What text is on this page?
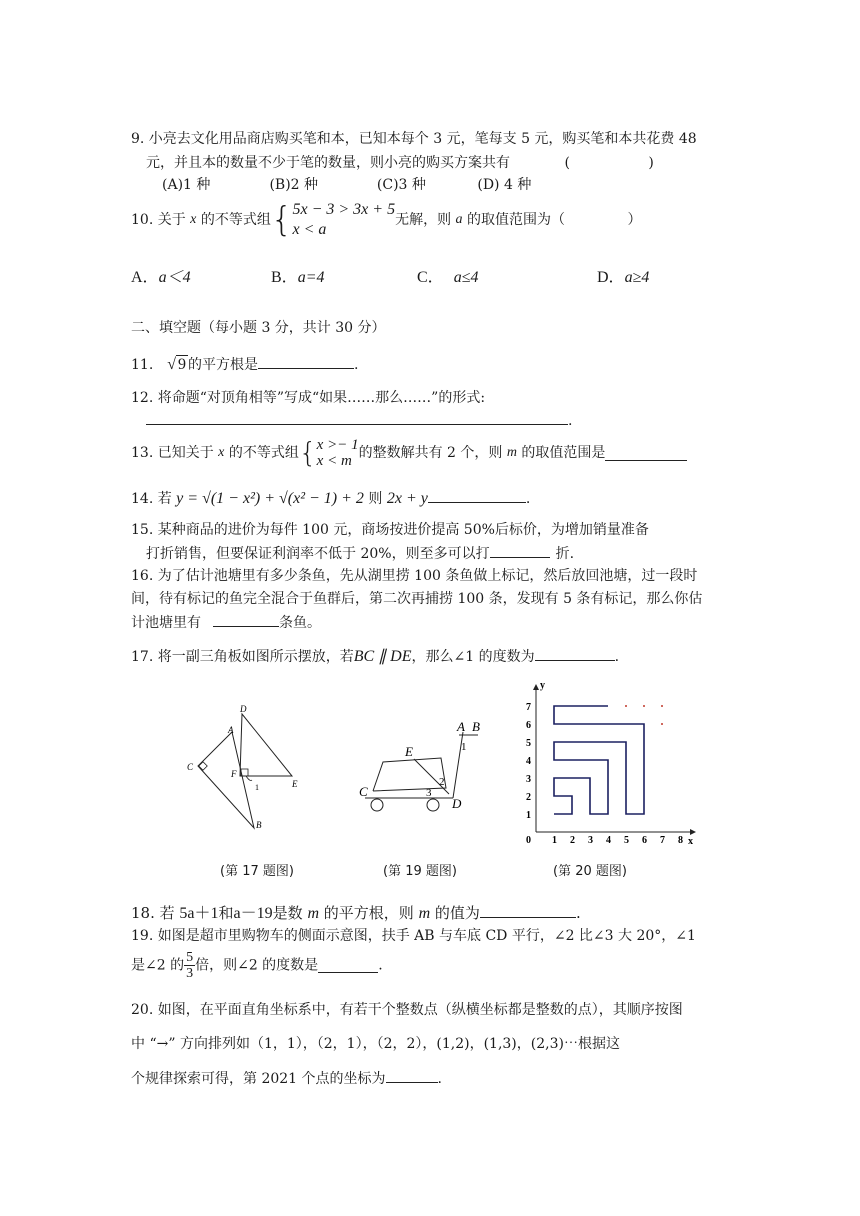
9. 小亮去文化用品商店购买笔和本，已知本每个 3 元，笔每支 5 元，购买笔和本共花费 48
元，并且本的数量不少于笔的数量，则小亮的购买方案共有	(	)
(A)1 种	(B)2 种	(C)3 种	(D) 4 种
10. 关于 x 的不等式组{ 5x − 3 > 3x + 5
x < a
无解，则 a 的取值范围为（	）
A．a＜4	B．a=4	C． a≤4	D．a≥4
二、填空题（每小题 3 分，共计 30 分）
11. √ 9 的平方根是	.
12. 将命题“对顶角相等”写成“如果……那么……”的形式:
.
13. 已知关于 x 的不等式组{ x >− 1
x < m 的整数解共有 2 个，则 m 的取值范围是
14. 若 y = √(1 − x²) + √(x² − 1) + 2 则 2x + y	.
15. 某种商品的进价为每件 100 元，商场按进价提高 50%后标价，为增加销量准备
打折销售，但要保证利润率不低于 20%，则至多可以打	折.
16. 为了估计池塘里有多少条鱼，先从湖里捞 100 条鱼做上标记，然后放回池塘，过一段时
间，待有标记的鱼完全混合于鱼群后，第二次再捕捞 100 条，发现有 5 条有标记，那么你估
计池塘里有	条鱼。
17. 将一副三角板如图所示摆放，若BC ∥ DE，那么∠1 的度数为	.
A
D
C
F
1	E
B
(第 17 题图)
A B
1
E
2
3
C
D
(第 19 题图)
y
x
0 1 2 3 4 5 6 7 8
1
2
3
4
5
6
7
(第 20 题图)
18. 若 5a＋1和a－19是数 m 的平方根，则 m 的值为	.
19. 如图是超市里购物车的侧面示意图，扶手 AB 与车底 CD 平行，∠2 比∠3 大 20°，∠1
是∠2 的 $\frac{5}{3}$ 倍，则∠2 的度数是	.
20. 如图，在平面直角坐标系中，有若干个整数点（纵横坐标都是整数的点），其顺序按图
中 “→” 方向排列如（1，1），（2，1），（2，2），(1,2)，(1,3)，(2,3)⋯根据这
个规律探索可得，第 2021 个点的坐标为	.
